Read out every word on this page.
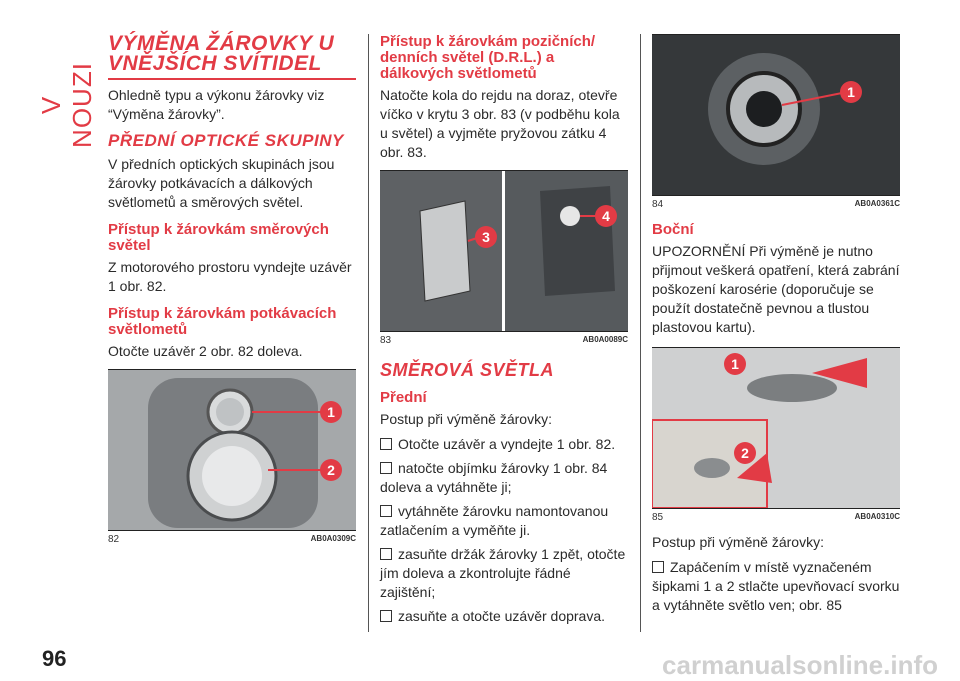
V NOUZI
VÝMĚNA ŽÁROVKY U VNĚJŠÍCH SVÍTIDEL

Ohledně typu a výkonu žárovky viz “Výměna žárovky”.

PŘEDNÍ OPTICKÉ SKUPINY

V předních optických skupinách jsou žárovky potkávacích a dálkových světlometů a směrových světel.

Přístup k žárovkám směrových světel

Z motorového prostoru vyndejte uzávěr 1 obr. 82.

Přístup k žárovkám potkávacích světlometů

Otočte uzávěr 2 obr. 82 doleva.

1
2
82	AB0A0309C
Přístup k žárovkám pozičních/ denních světel (D.R.L.) a dálkových světlometů

Natočte kola do rejdu na doraz, otevře víčko v krytu 3 obr. 83 (v podběhu kola u světel) a vyjměte pryžovou zátku 4 obr. 83.

3
4
83	AB0A0089C
SMĚROVÁ SVĚTLA
Přední

Postup při výměně žárovky:

Otočte uzávěr a vyndejte 1 obr. 82.
natočte objímku žárovky 1 obr. 84 doleva a vytáhněte ji;
vytáhněte žárovku namontovanou zatlačením a vyměňte ji.
zasuňte držák žárovky 1 zpět, otočte jím doleva a zkontrolujte řádné zajištění;
zasuňte a otočte uzávěr doprava.
1
84	AB0A0361C
Boční

UPOZORNĚNÍ Při výměně je nutno přijmout veškerá opatření, která zabrání poškození karosérie (doporučuje se použít dostatečně pevnou a tlustou plastovou kartu).

1
2
85	AB0A0310C

Postup při výměně žárovky:

Zapáčením v místě vyznačeném šipkami 1 a 2 stlačte upevňovací svorku a vytáhněte světlo ven; obr. 85
96	carmanualsonline.info
